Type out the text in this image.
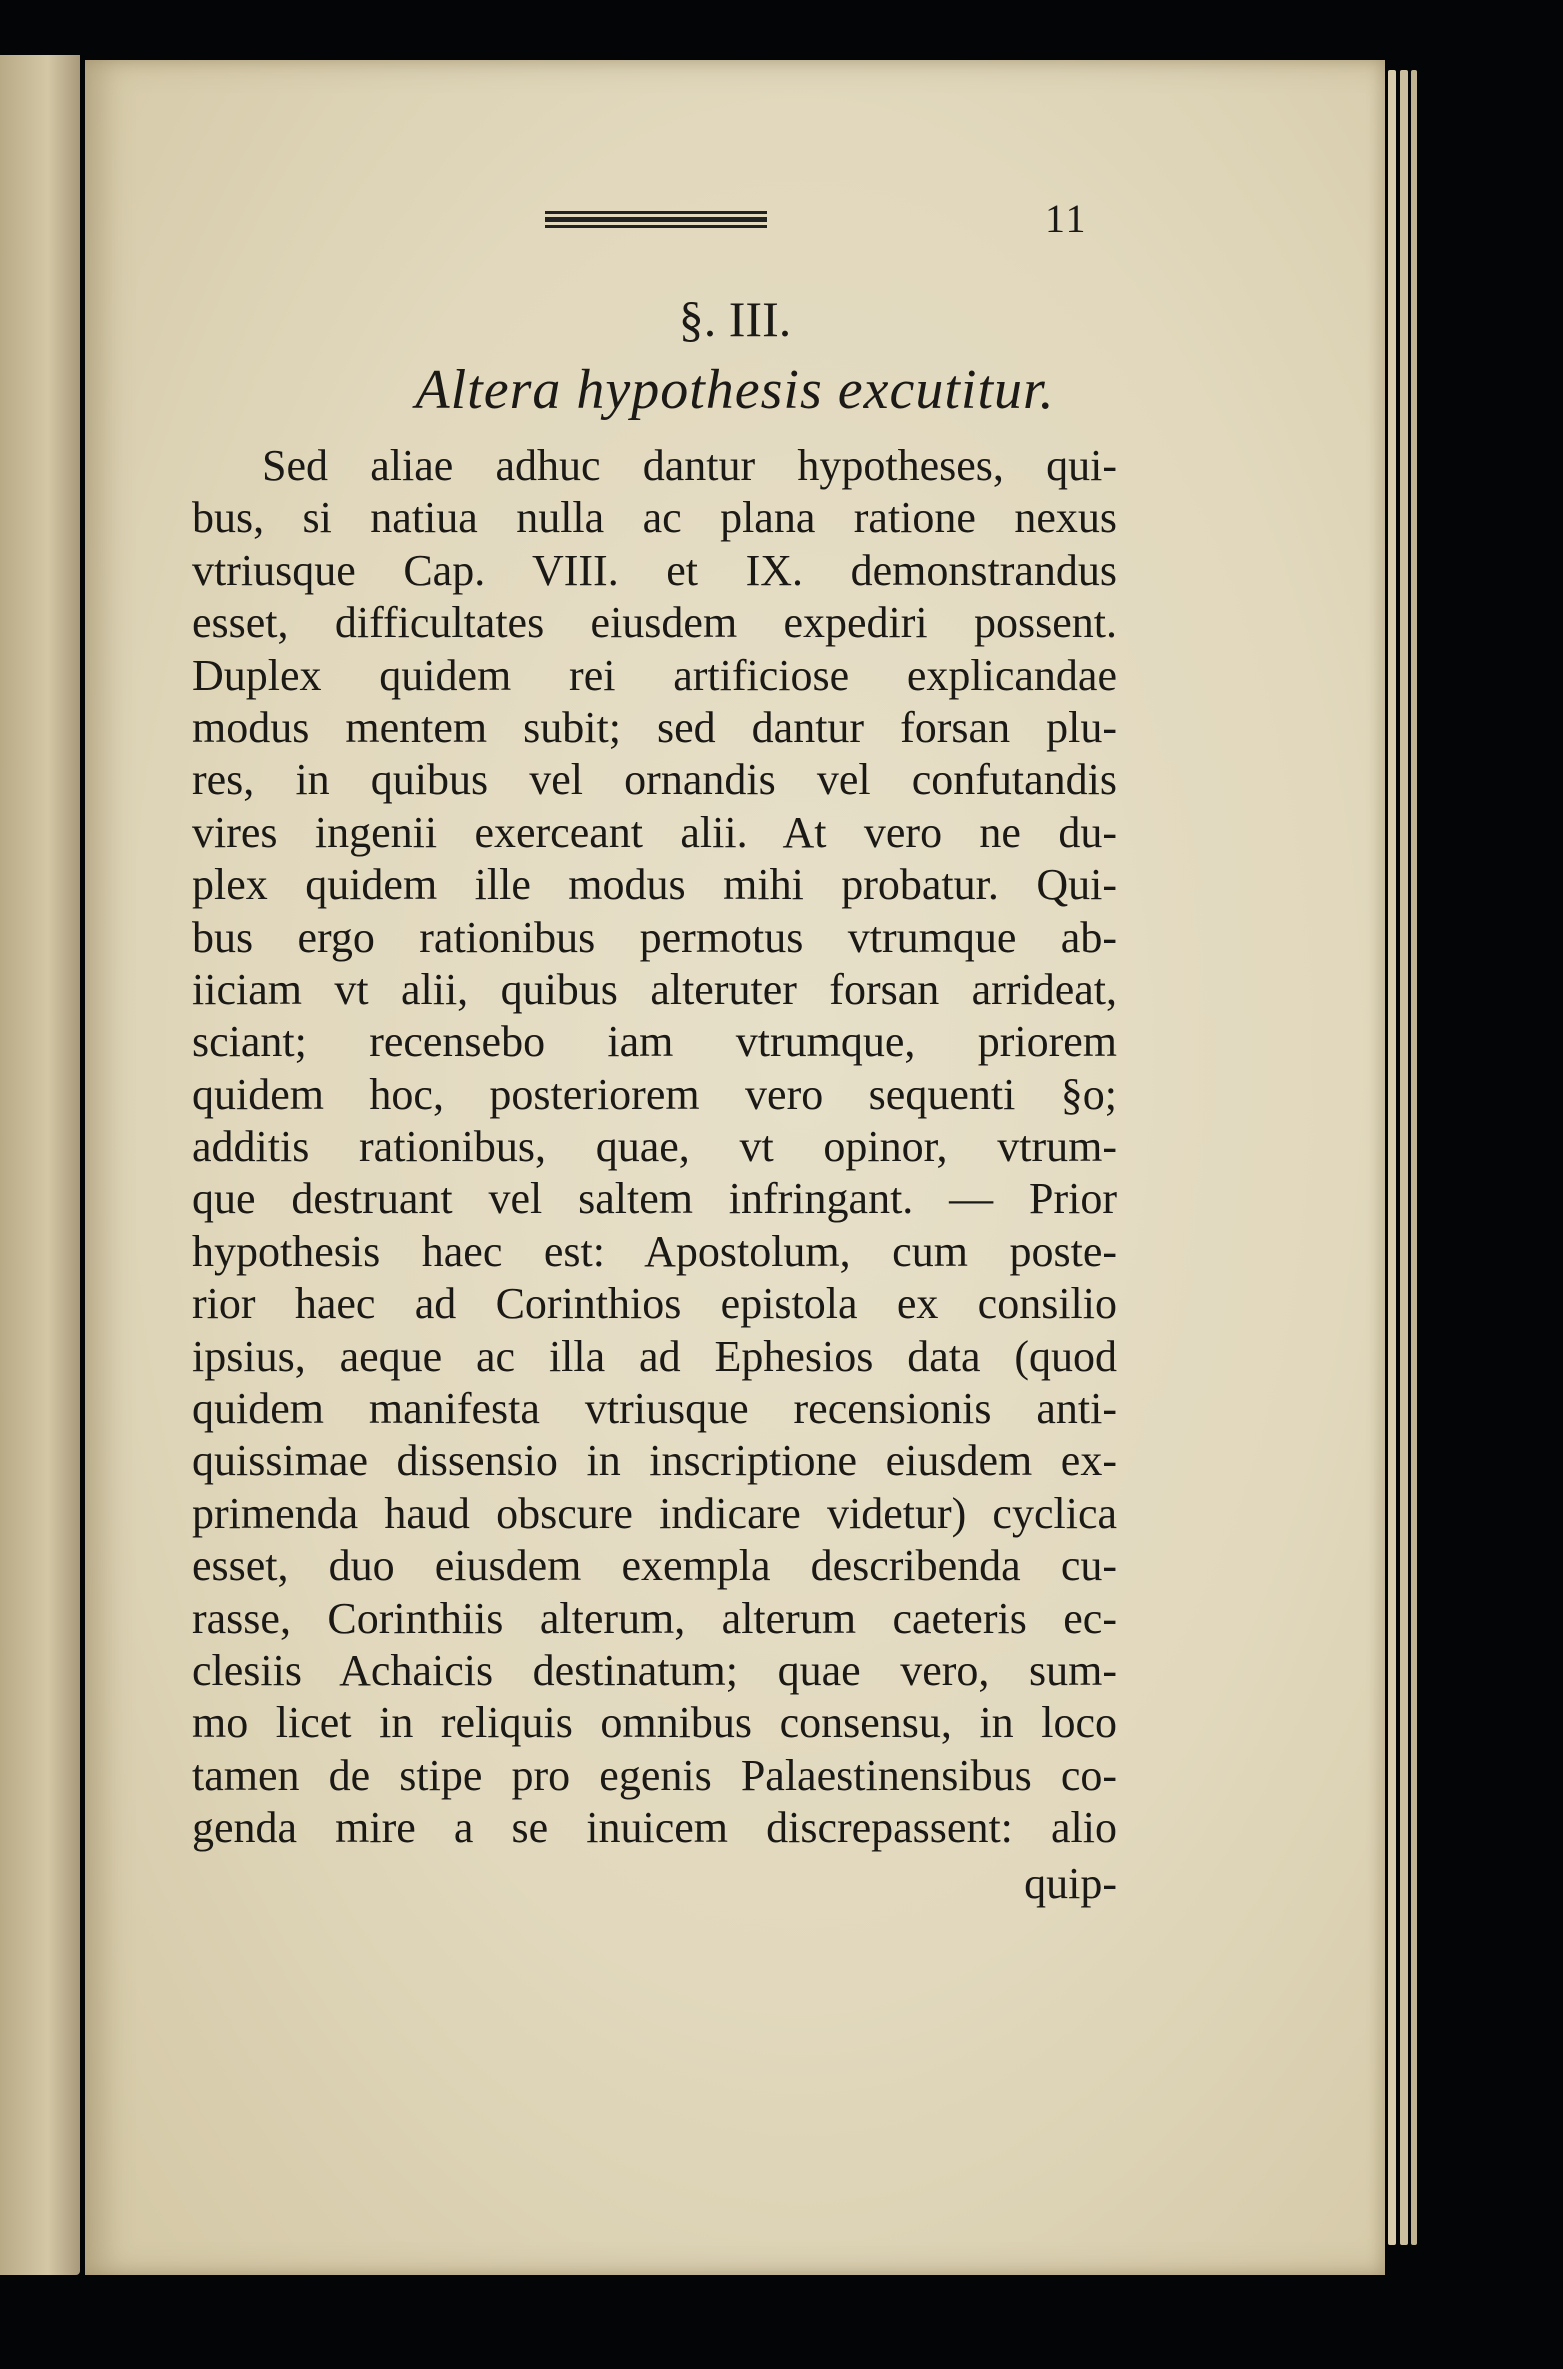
11
§. III.
Altera hypothesis excutitur.
Sed aliae adhuc dantur hypotheses, qui-
bus, si natiua nulla ac plana ratione nexus
vtriusque Cap. VIII. et IX. demonstrandus
esset, difficultates eiusdem expediri possent.
Duplex quidem rei artificiose explicandae
modus mentem subit; sed dantur forsan plu-
res, in quibus vel ornandis vel confutandis
vires ingenii exerceant alii. At vero ne du-
plex quidem ille modus mihi probatur. Qui-
bus ergo rationibus permotus vtrumque ab-
iiciam vt alii, quibus alteruter forsan arrideat,
sciant; recensebo iam vtrumque, priorem
quidem hoc, posteriorem vero sequenti §o;
additis rationibus, quae, vt opinor, vtrum-
que destruant vel saltem infringant. — Prior
hypothesis haec est: Apostolum, cum poste-
rior haec ad Corinthios epistola ex consilio
ipsius, aeque ac illa ad Ephesios data (quod
quidem manifesta vtriusque recensionis anti-
quissimae dissensio in inscriptione eiusdem ex-
primenda haud obscure indicare videtur) cyclica
esset, duo eiusdem exempla describenda cu-
rasse, Corinthiis alterum, alterum caeteris ec-
clesiis Achaicis destinatum; quae vero, sum-
mo licet in reliquis omnibus consensu, in loco
tamen de stipe pro egenis Palaestinensibus co-
genda mire a se inuicem discrepassent: alio
quip-
